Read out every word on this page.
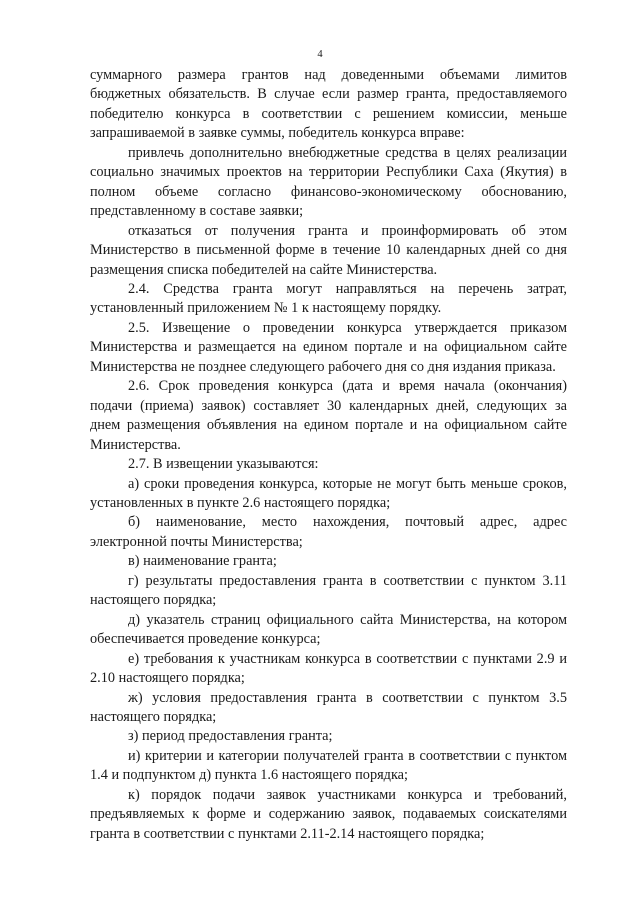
4

суммарного размера грантов над доведенными объемами лимитов бюджетных обязательств. В случае если размер гранта, предоставляемого победителю конкурса в соответствии с решением комиссии, меньше запрашиваемой в заявке суммы, победитель конкурса вправе:

привлечь дополнительно внебюджетные средства в целях реализации социально значимых проектов на территории Республики Саха (Якутия) в полном объеме согласно финансово-экономическому обоснованию, представленному в составе заявки;

отказаться от получения гранта и проинформировать об этом Министерство в письменной форме в течение 10 календарных дней со дня размещения списка победителей на сайте Министерства.

2.4. Средства гранта могут направляться на перечень затрат, установленный приложением № 1 к настоящему порядку.

2.5. Извещение о проведении конкурса утверждается приказом Министерства и размещается на едином портале и на официальном сайте Министерства не позднее следующего рабочего дня со дня издания приказа.

2.6. Срок проведения конкурса (дата и время начала (окончания) подачи (приема) заявок) составляет 30 календарных дней, следующих за днем размещения объявления на едином портале и на официальном сайте Министерства.

2.7. В извещении указываются:

а) сроки проведения конкурса, которые не могут быть меньше сроков, установленных в пункте 2.6 настоящего порядка;

б) наименование, место нахождения, почтовый адрес, адрес электронной почты Министерства;

в) наименование гранта;

г) результаты предоставления гранта в соответствии с пунктом 3.11 настоящего порядка;

д) указатель страниц официального сайта Министерства, на котором обеспечивается проведение конкурса;

е) требования к участникам конкурса в соответствии с пунктами 2.9 и 2.10 настоящего порядка;

ж) условия предоставления гранта в соответствии с пунктом 3.5 настоящего порядка;

з) период предоставления гранта;

и) критерии и категории получателей гранта в соответствии с пунктом 1.4 и подпунктом д) пункта 1.6 настоящего порядка;

к) порядок подачи заявок участниками конкурса и требований, предъявляемых к форме и содержанию заявок, подаваемых соискателями гранта в соответствии с пунктами 2.11-2.14 настоящего порядка;
